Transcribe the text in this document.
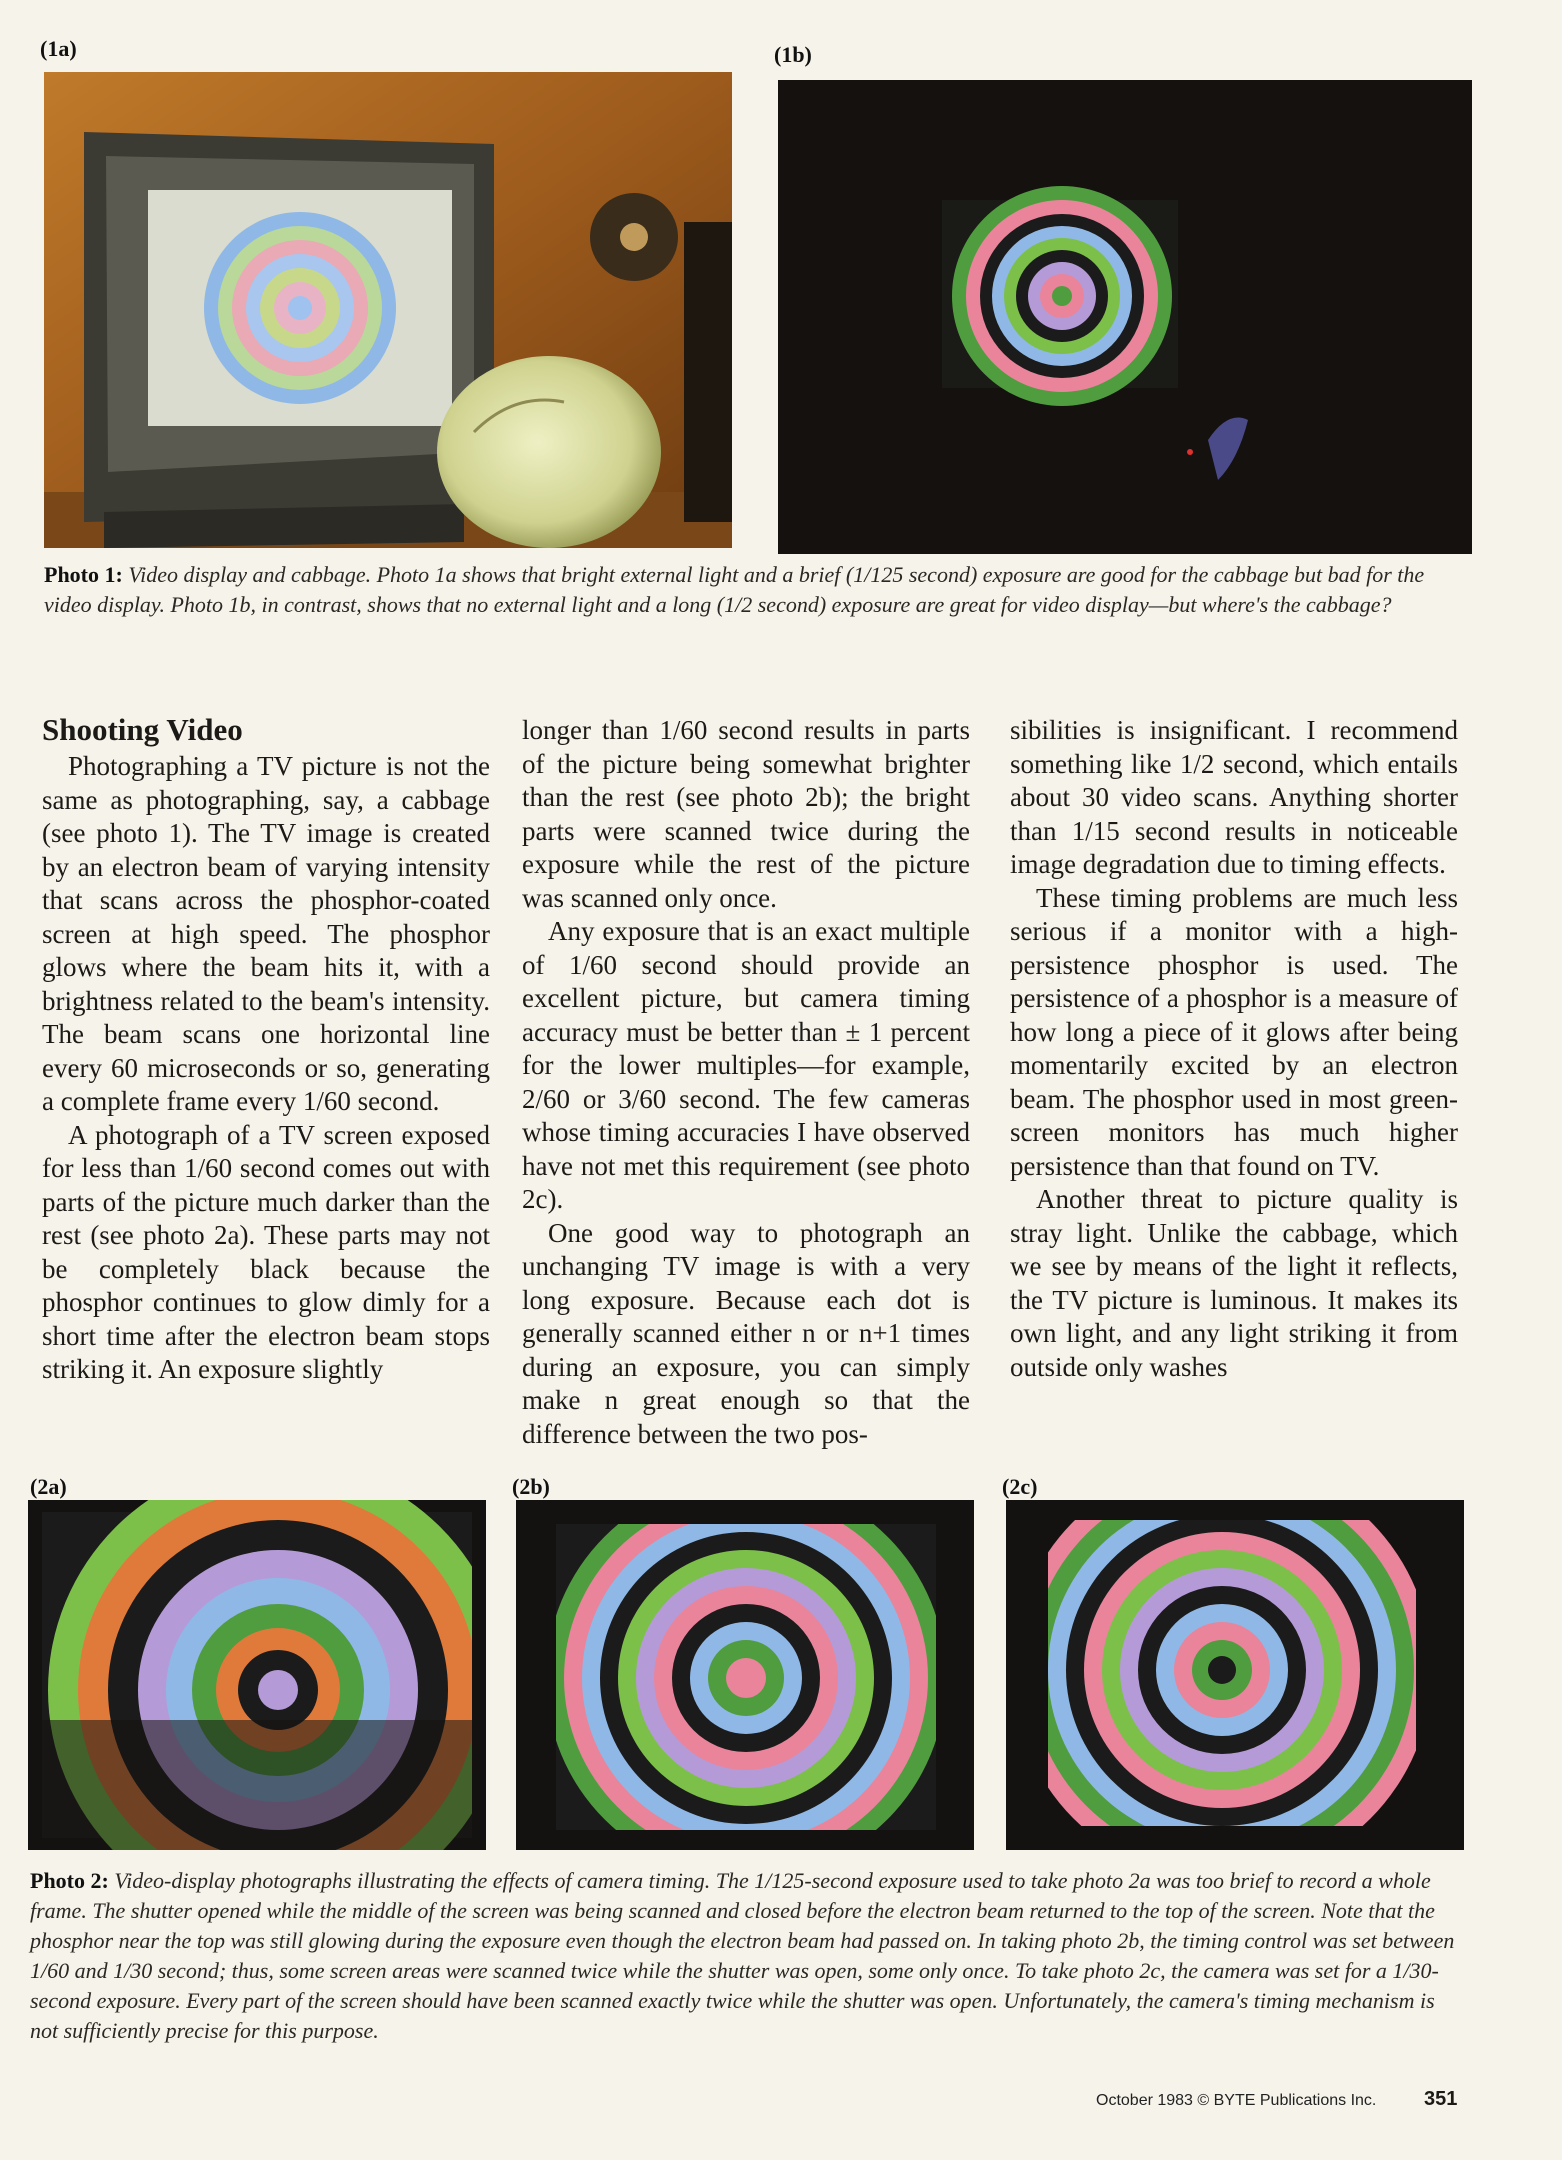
(1a)	(1b)
Photo 1: Video display and cabbage. Photo 1a shows that bright external light and a brief (1/125 second) exposure are good for the cabbage but bad for the video display. Photo 1b, in contrast, shows that no external light and a long (1/2 second) exposure are great for video display—but where's the cabbage?
Shooting Video

Photographing a TV picture is not the same as photographing, say, a cabbage (see photo 1). The TV image is created by an electron beam of varying intensity that scans across the phosphor-coated screen at high speed. The phosphor glows where the beam hits it, with a brightness related to the beam's intensity. The beam scans one horizontal line every 60 microseconds or so, generating a complete frame every 1/60 second.

A photograph of a TV screen exposed for less than 1/60 second comes out with parts of the picture much darker than the rest (see photo 2a). These parts may not be completely black because the phosphor continues to glow dimly for a short time after the electron beam stops striking it. An exposure slightly

longer than 1/60 second results in parts of the picture being somewhat brighter than the rest (see photo 2b); the bright parts were scanned twice during the exposure while the rest of the picture was scanned only once.

Any exposure that is an exact multiple of 1/60 second should provide an excellent picture, but camera timing accuracy must be better than ± 1 percent for the lower multiples—for example, 2/60 or 3/60 second. The few cameras whose timing accuracies I have observed have not met this requirement (see photo 2c).

One good way to photograph an unchanging TV image is with a very long exposure. Because each dot is generally scanned either n or n+1 times during an exposure, you can simply make n great enough so that the difference between the two pos-

sibilities is insignificant. I recommend something like 1/2 second, which entails about 30 video scans. Anything shorter than 1/15 second results in noticeable image degradation due to timing effects.

These timing problems are much less serious if a monitor with a high-persistence phosphor is used. The persistence of a phosphor is a measure of how long a piece of it glows after being momentarily excited by an electron beam. The phosphor used in most green-screen monitors has much higher persistence than that found on TV.

Another threat to picture quality is stray light. Unlike the cabbage, which we see by means of the light it reflects, the TV picture is luminous. It makes its own light, and any light striking it from outside only washes

(2a)	(2b)	(2c)
Photo 2: Video-display photographs illustrating the effects of camera timing. The 1/125-second exposure used to take photo 2a was too brief to record a whole frame. The shutter opened while the middle of the screen was being scanned and closed before the electron beam returned to the top of the screen. Note that the phosphor near the top was still glowing during the exposure even though the electron beam had passed on. In taking photo 2b, the timing control was set between 1/60 and 1/30 second; thus, some screen areas were scanned twice while the shutter was open, some only once. To take photo 2c, the camera was set for a 1/30-second exposure. Every part of the screen should have been scanned exactly twice while the shutter was open. Unfortunately, the camera's timing mechanism is not sufficiently precise for this purpose.
October 1983 © BYTE Publications Inc. 351
